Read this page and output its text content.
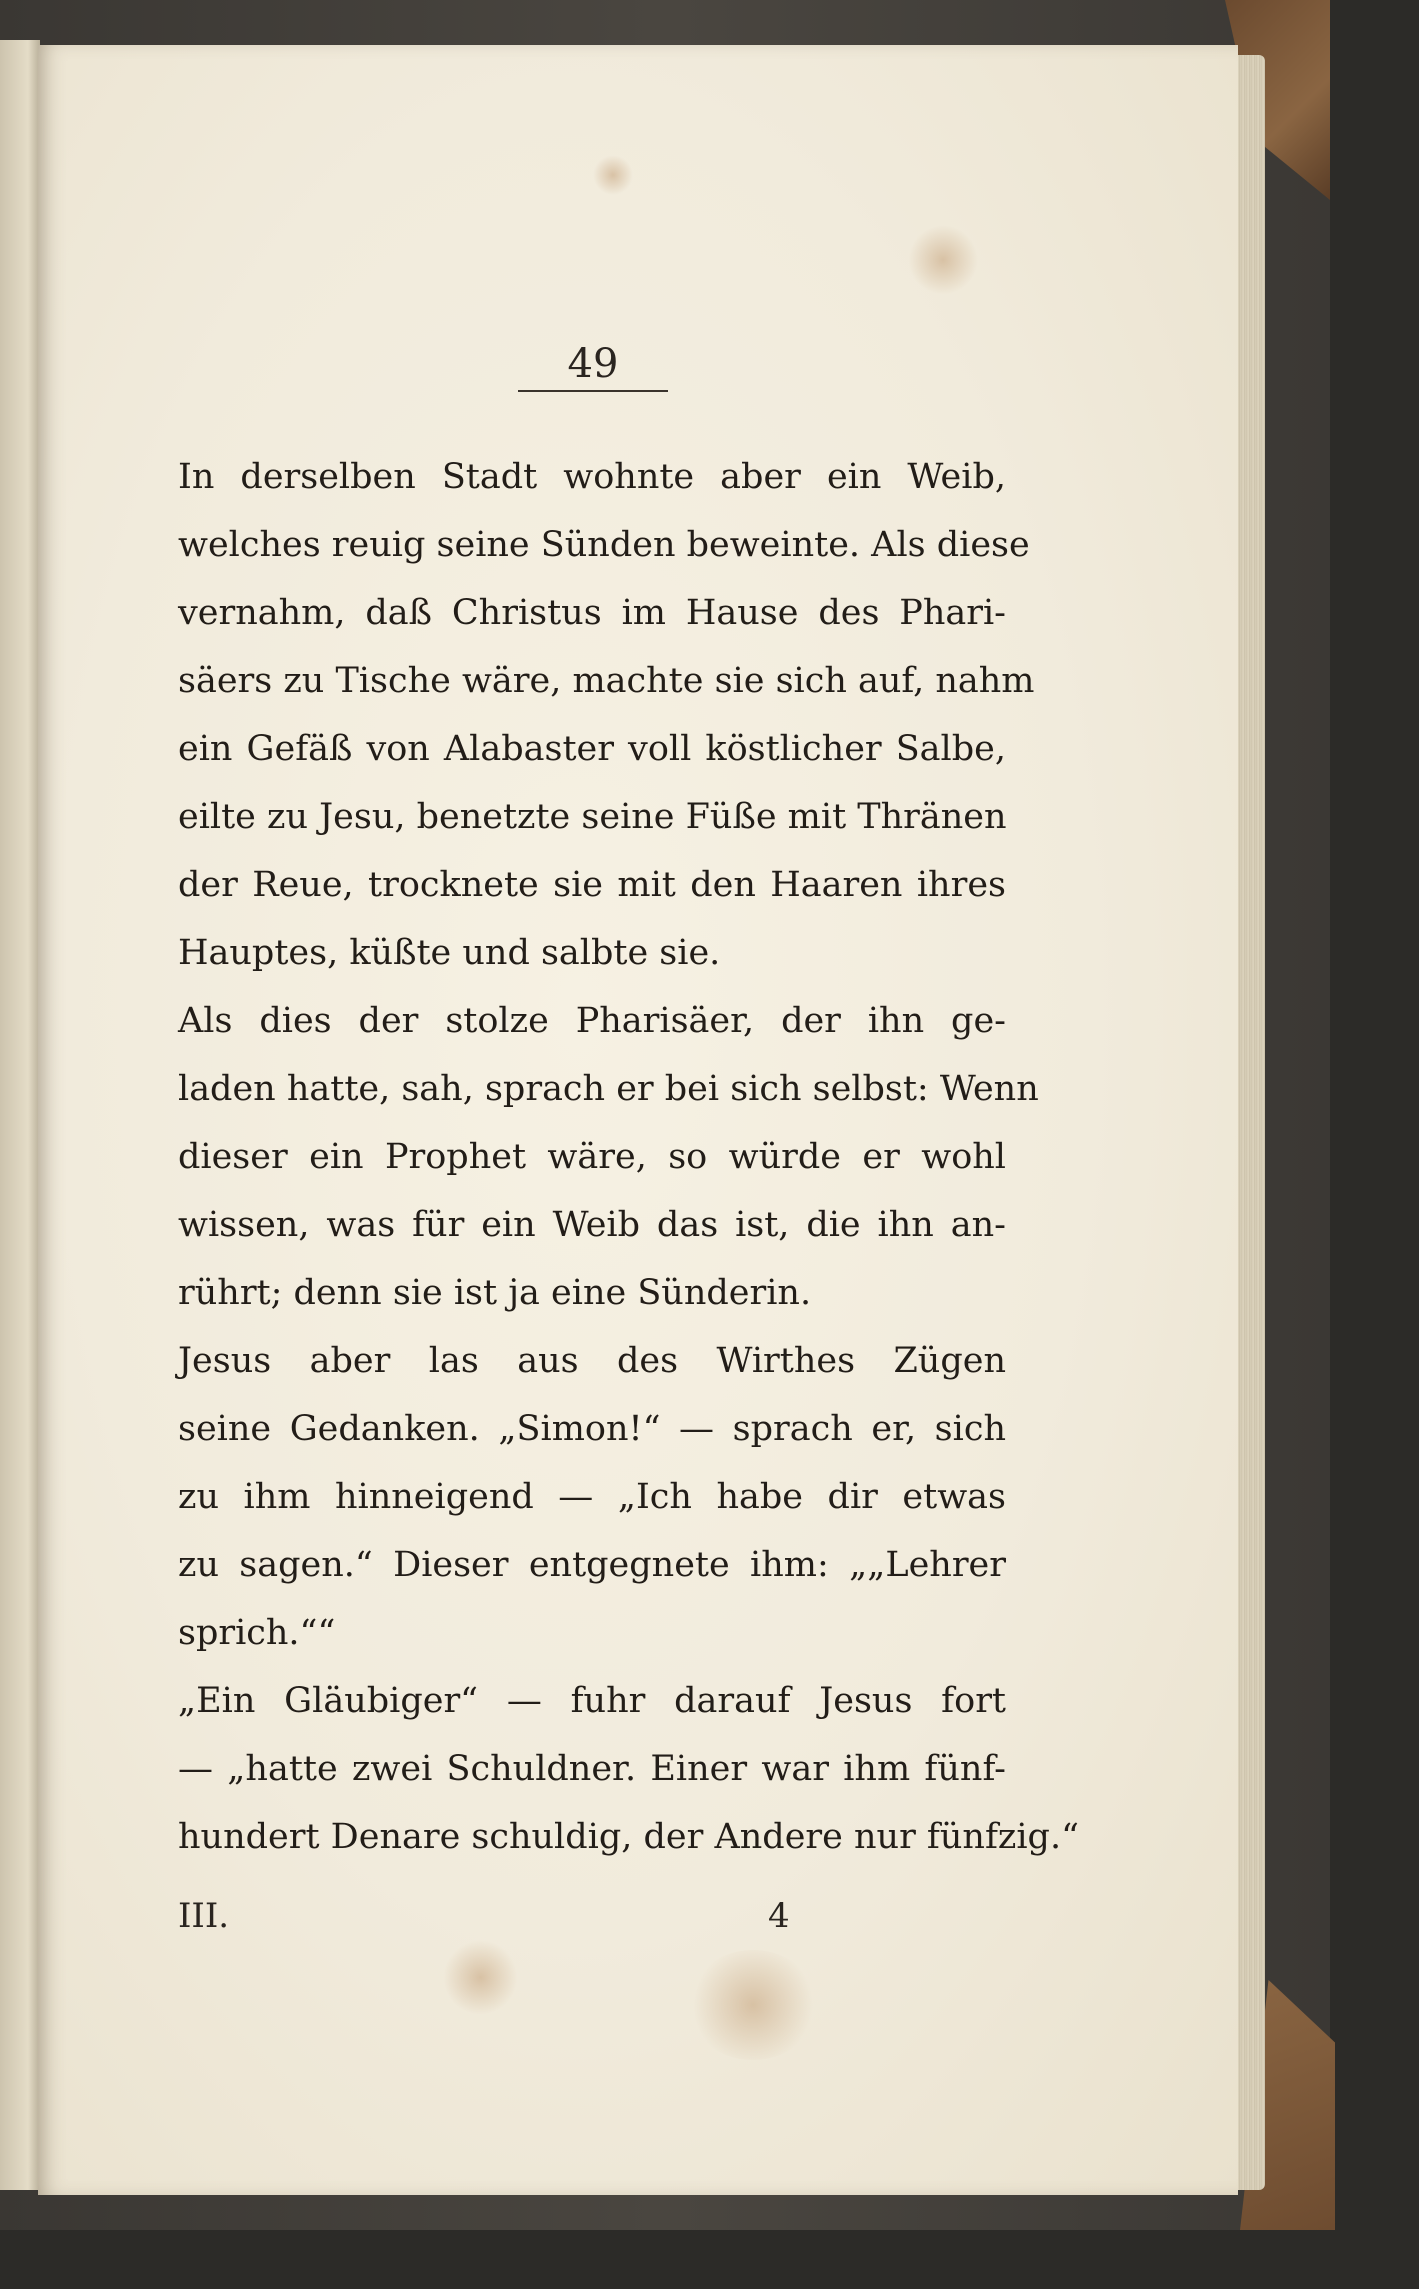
49
In derselben Stadt wohnte aber ein Weib,
welches reuig seine Sünden beweinte. Als diese
vernahm, daß Christus im Hause des Phari-
säers zu Tische wäre, machte sie sich auf, nahm
ein Gefäß von Alabaster voll köstlicher Salbe,
eilte zu Jesu, benetzte seine Füße mit Thränen
der Reue, trocknete sie mit den Haaren ihres
Hauptes, küßte und salbte sie.
Als dies der stolze Pharisäer, der ihn ge-
laden hatte, sah, sprach er bei sich selbst: Wenn
dieser ein Prophet wäre, so würde er wohl
wissen, was für ein Weib das ist, die ihn an-
rührt; denn sie ist ja eine Sünderin.
Jesus aber las aus des Wirthes Zügen
seine Gedanken. „Simon!“ — sprach er, sich
zu ihm hinneigend — „Ich habe dir etwas
zu sagen.“ Dieser entgegnete ihm: „„Lehrer
sprich.““
„Ein Gläubiger“ — fuhr darauf Jesus fort
— „hatte zwei Schuldner. Einer war ihm fünf-
hundert Denare schuldig, der Andere nur fünfzig.“
III.	4
